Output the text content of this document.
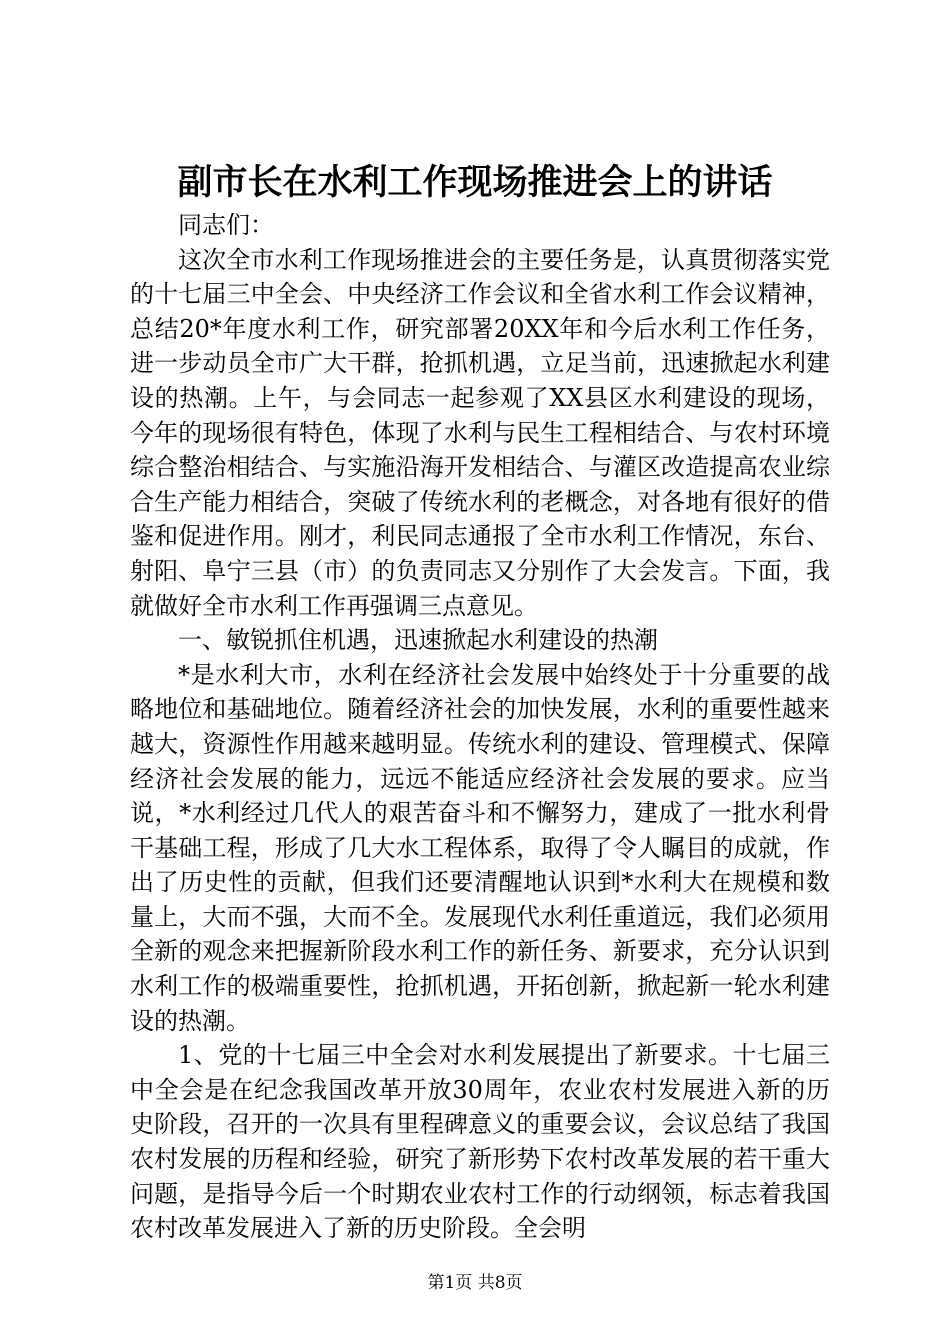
副市长在水利工作现场推进会上的讲话

同志们：

这次全市水利工作现场推进会的主要任务是，认真贯彻落实党的十七届三中全会、中央经济工作会议和全省水利工作会议精神，总结20*年度水利工作，研究部署20XX年和今后水利工作任务，进一步动员全市广大干群，抢抓机遇，立足当前，迅速掀起水利建设的热潮。上午，与会同志一起参观了XX县区水利建设的现场，今年的现场很有特色，体现了水利与民生工程相结合、与农村环境综合整治相结合、与实施沿海开发相结合、与灌区改造提高农业综合生产能力相结合，突破了传统水利的老概念，对各地有很好的借鉴和促进作用。刚才，利民同志通报了全市水利工作情况，东台、射阳、阜宁三县（市）的负责同志又分别作了大会发言。下面，我就做好全市水利工作再强调三点意见。

一、敏锐抓住机遇，迅速掀起水利建设的热潮

*是水利大市，水利在经济社会发展中始终处于十分重要的战略地位和基础地位。随着经济社会的加快发展，水利的重要性越来越大，资源性作用越来越明显。传统水利的建设、管理模式、保障经济社会发展的能力，远远不能适应经济社会发展的要求。应当说，*水利经过几代人的艰苦奋斗和不懈努力，建成了一批水利骨干基础工程，形成了几大水工程体系，取得了令人瞩目的成就，作出了历史性的贡献，但我们还要清醒地认识到*水利大在规模和数量上，大而不强，大而不全。发展现代水利任重道远，我们必须用全新的观念来把握新阶段水利工作的新任务、新要求，充分认识到水利工作的极端重要性，抢抓机遇，开拓创新，掀起新一轮水利建设的热潮。

1、党的十七届三中全会对水利发展提出了新要求。十七届三中全会是在纪念我国改革开放30周年，农业农村发展进入新的历史阶段，召开的一次具有里程碑意义的重要会议，会议总结了我国农村发展的历程和经验，研究了新形势下农村改革发展的若干重大问题，是指导今后一个时期农业农村工作的行动纲领，标志着我国农村改革发展进入了新的历史阶段。全会明

第1页 共8页
